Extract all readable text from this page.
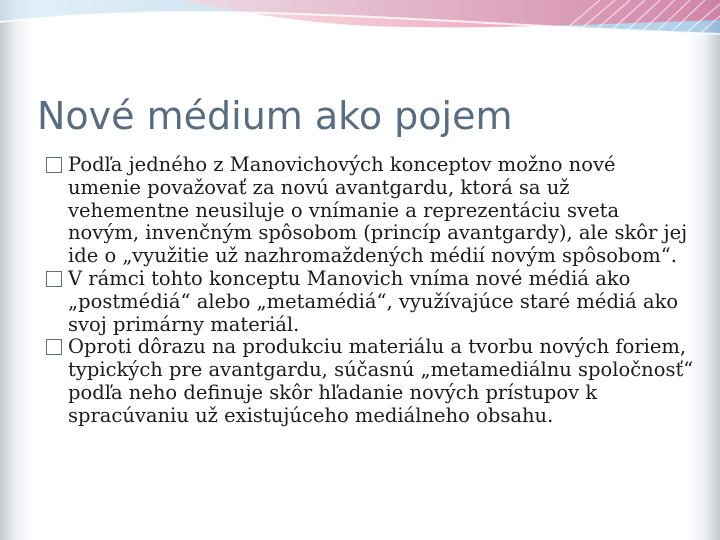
Nové médium ako pojem
Podľa jedného z Manovichových konceptov možno nové umenie považovať za novú avantgardu, ktorá sa už vehementne neusiluje o vnímanie a reprezentáciu sveta novým, invenčným spôsobom (princíp avantgardy), ale skôr jej ide o „využitie už nazhromaždených médií novým spôsobom“.
V rámci tohto konceptu Manovich vníma nové médiá ako „postmédiá“ alebo „metamédiá“, využívajúce staré médiá ako svoj primárny materiál.
Oproti dôrazu na produkciu materiálu a tvorbu nových foriem, typických pre avantgardu, súčasnú „metamediálnu spoločnosť“ podľa neho definuje skôr hľadanie nových prístupov k spracúvaniu už existujúceho mediálneho obsahu.
